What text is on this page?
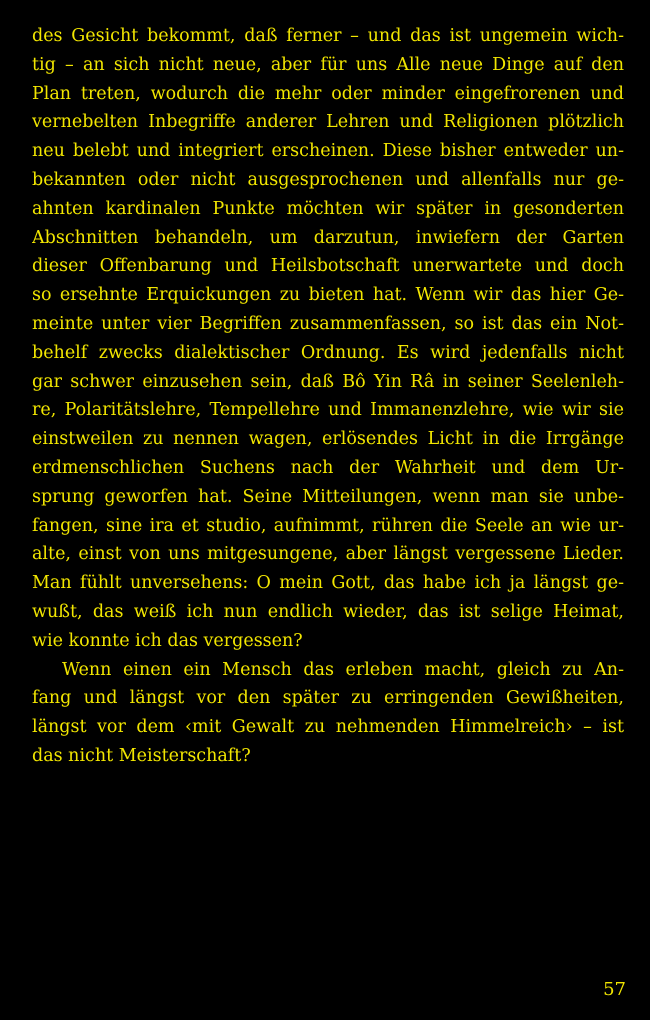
des Gesicht bekommt, daß ferner – und das ist ungemein wich-
tig – an sich nicht neue, aber für uns Alle neue Dinge auf den
Plan treten, wodurch die mehr oder minder eingefrorenen und
vernebelten Inbegriffe anderer Lehren und Religionen plötzlich
neu belebt und integriert erscheinen. Diese bisher entweder un-
bekannten oder nicht ausgesprochenen und allenfalls nur ge-
ahnten kardinalen Punkte möchten wir später in gesonderten
Abschnitten behandeln, um darzutun, inwiefern der Garten
dieser Offenbarung und Heilsbotschaft unerwartete und doch
so ersehnte Erquickungen zu bieten hat. Wenn wir das hier Ge-
meinte unter vier Begriffen zusammenfassen, so ist das ein Not-
behelf zwecks dialektischer Ordnung. Es wird jedenfalls nicht
gar schwer einzusehen sein, daß Bô Yin Râ in seiner Seelenleh-
re, Polaritätslehre, Tempellehre und Immanenzlehre, wie wir sie
einstweilen zu nennen wagen, erlösendes Licht in die Irrgänge
erdmenschlichen Suchens nach der Wahrheit und dem Ur-
sprung geworfen hat. Seine Mitteilungen, wenn man sie unbe-
fangen, sine ira et studio, aufnimmt, rühren die Seele an wie ur-
alte, einst von uns mitgesungene, aber längst vergessene Lieder.
Man fühlt unversehens: O mein Gott, das habe ich ja längst ge-
wußt, das weiß ich nun endlich wieder, das ist selige Heimat,
wie konnte ich das vergessen?
Wenn einen ein Mensch das erleben macht, gleich zu An-
fang und längst vor den später zu erringenden Gewißheiten,
längst vor dem ‹mit Gewalt zu nehmenden Himmelreich› – ist
das nicht Meisterschaft?
57
